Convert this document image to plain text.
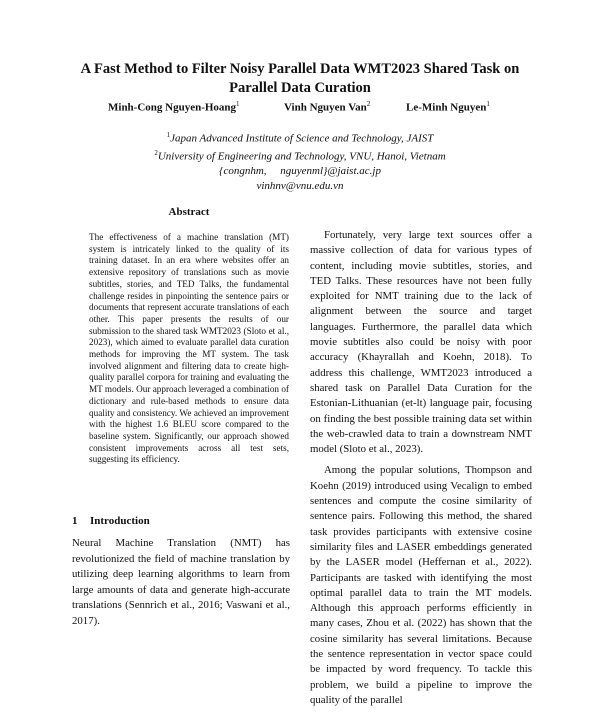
A Fast Method to Filter Noisy Parallel Data WMT2023 Shared Task on Parallel Data Curation
Minh-Cong Nguyen-Hoang$^1$	Vinh Nguyen Van$^2$	Le-Minh Nguyen$^1$
$^1$Japan Advanced Institute of Science and Technology, JAIST
$^2$University of Engineering and Technology, VNU, Hanoi, Vietnam
{congnhm,     nguyenml}@jaist.ac.jp
vinhnv@vnu.edu.vn
Abstract
The effectiveness of a machine translation (MT) system is intricately linked to the quality of its training dataset. In an era where websites offer an extensive repository of translations such as movie subtitles, stories, and TED Talks, the fundamental challenge resides in pinpointing the sentence pairs or documents that represent accurate translations of each other. This paper presents the results of our submission to the shared task WMT2023 (Sloto et al., 2023), which aimed to evaluate parallel data curation methods for improving the MT system. The task involved alignment and filtering data to create high-quality parallel corpora for training and evaluating the MT models. Our approach leveraged a combination of dictionary and rule-based methods to ensure data quality and consistency. We achieved an improvement with the highest 1.6 BLEU score compared to the baseline system. Significantly, our approach showed consistent improvements across all test sets, suggesting its efficiency.
1 Introduction
Neural Machine Translation (NMT) has revolutionized the field of machine translation by utilizing deep learning algorithms to learn from large amounts of data and generate high-accurate translations (Sennrich et al., 2016; Vaswani et al., 2017).

Fortunately, very large text sources offer a massive collection of data for various types of content, including movie subtitles, stories, and TED Talks. These resources have not been fully exploited for NMT training due to the lack of alignment between the source and target languages. Furthermore, the parallel data which movie subtitles also could be noisy with poor accuracy (Khayrallah and Koehn, 2018). To address this challenge, WMT2023 introduced a shared task on Parallel Data Curation for the Estonian-Lithuanian (et-lt) language pair, focusing on finding the best possible training data set within the web-crawled data to train a downstream NMT model (Sloto et al., 2023).

Among the popular solutions, Thompson and Koehn (2019) introduced using Vecalign to embed sentences and compute the cosine similarity of sentence pairs. Following this method, the shared task provides participants with extensive cosine similarity files and LASER embeddings generated by the LASER model (Heffernan et al., 2022). Participants are tasked with identifying the most optimal parallel data to train the MT models. Although this approach performs efficiently in many cases, Zhou et al. (2022) has shown that the cosine similarity has several limitations. Because the sentence representation in vector space could be impacted by word frequency. To tackle this problem, we build a pipeline to improve the quality of the parallel
